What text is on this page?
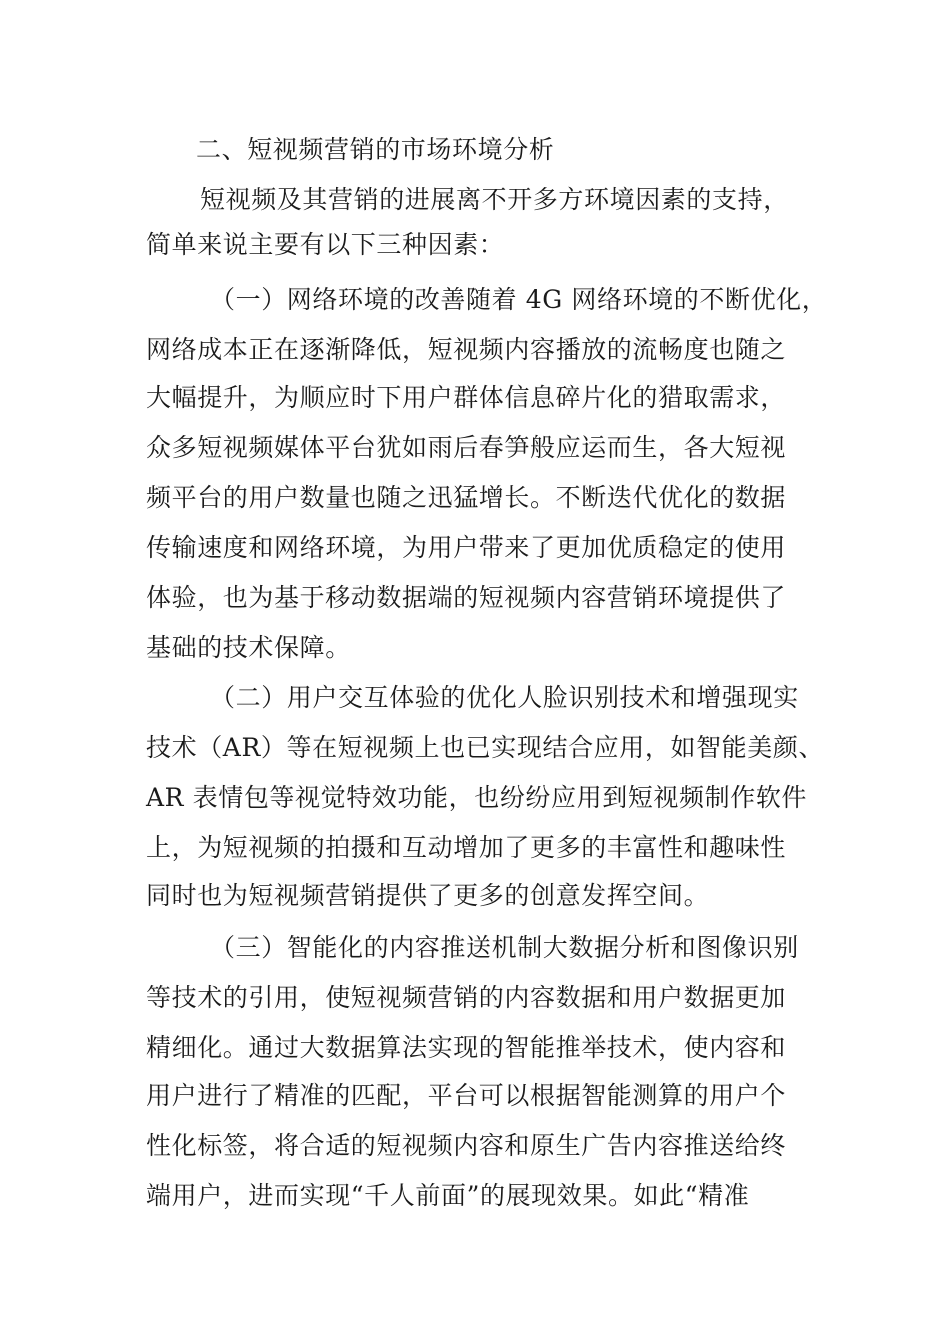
二、短视频营销的市场环境分析

短视频及其营销的进展离不开多方环境因素的支持，

简单来说主要有以下三种因素：

（一）网络环境的改善随着 4G 网络环境的不断优化，

网络成本正在逐渐降低，短视频内容播放的流畅度也随之

大幅提升，为顺应时下用户群体信息碎片化的猎取需求，

众多短视频媒体平台犹如雨后春笋般应运而生，各大短视

频平台的用户数量也随之迅猛增长。不断迭代优化的数据

传输速度和网络环境，为用户带来了更加优质稳定的使用

体验，也为基于移动数据端的短视频内容营销环境提供了

基础的技术保障。

（二）用户交互体验的优化人脸识别技术和增强现实

技术（AR）等在短视频上也已实现结合应用，如智能美颜、

AR 表情包等视觉特效功能，也纷纷应用到短视频制作软件

上，为短视频的拍摄和互动增加了更多的丰富性和趣味性

同时也为短视频营销提供了更多的创意发挥空间。

（三）智能化的内容推送机制大数据分析和图像识别

等技术的引用，使短视频营销的内容数据和用户数据更加

精细化。通过大数据算法实现的智能推举技术，使内容和

用户进行了精准的匹配，平台可以根据智能测算的用户个

性化标签，将合适的短视频内容和原生广告内容推送给终

端用户，进而实现“千人前面”的展现效果。如此“精准
